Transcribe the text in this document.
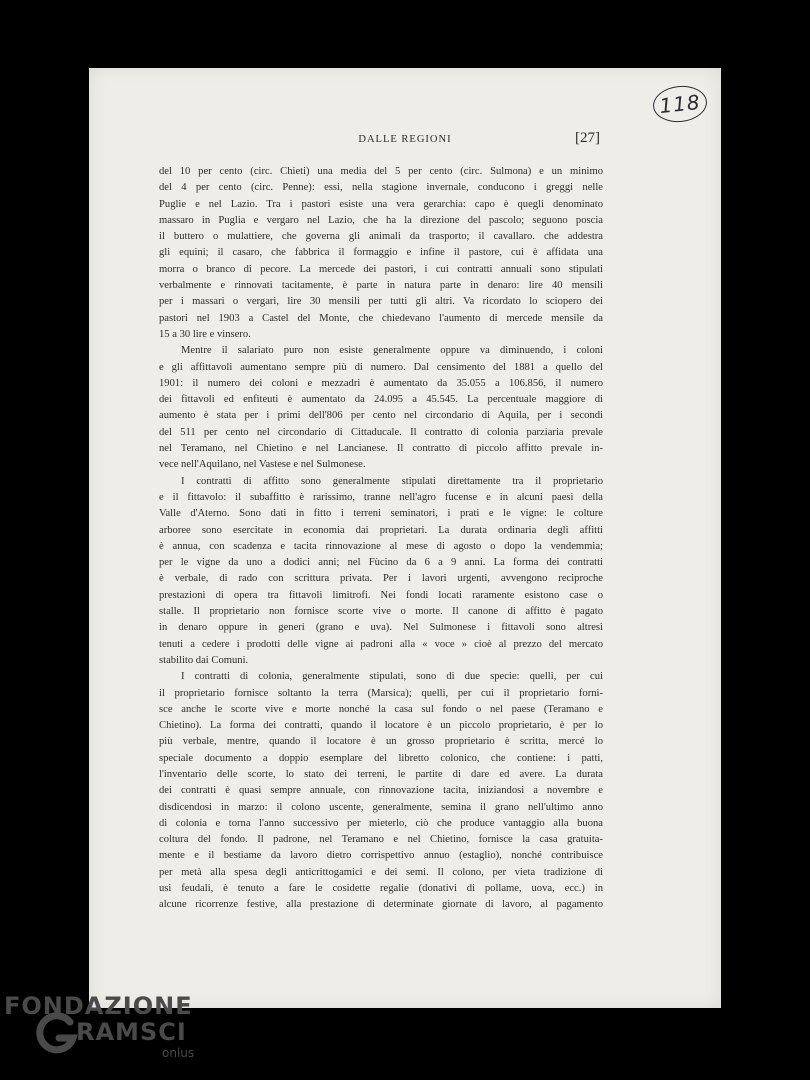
118
DALLE REGIONI	[27]
del 10 per cento (circ. Chieti) una media del 5 per cento (circ. Sulmona) e un minimo
del 4 per cento (circ. Penne): essi, nella stagione invernale, conducono i greggi nelle
Puglie e nel Lazio. Tra i pastori esiste una vera gerarchia: capo è quegli denominato
massaro in Puglia e vergaro nel Lazio, che ha la direzione del pascolo; seguono poscia
il buttero o mulattiere, che governa gli animali da trasporto; il cavallaro. che addestra
gli equini; il casaro, che fabbrica il formaggio e infine il pastore, cui è affidata una
morra o branco di pecore. La mercede dei pastori, i cui contratti annuali sono stipulati
verbalmente e rinnovati tacitamente, è parte in natura parte in denaro: lire 40 mensili
per i massari o vergari, lire 30 mensili per tutti gli altri. Va ricordato lo sciopero dei
pastori nel 1903 a Castel del Monte, che chiedevano l'aumento di mercede mensile da
15 a 30 lire e vinsero.
Mentre il salariato puro non esiste generalmente oppure va diminuendo, i coloni
e gli affittavoli aumentano sempre più di numero. Dal censimento del 1881 a quello del
1901: il numero dei coloni e mezzadri è aumentato da 35.055 a 106.856, il numero
dei fittavoli ed enfiteuti è aumentato da 24.095 a 45.545. La percentuale maggiore di
aumento è stata per i primi dell'806 per cento nel circondario di Aquila, per i secondi
del 511 per cento nel circondario di Cittaducale. Il contratto di colonia parziaria prevale
nel Teramano, nel Chietino e nel Lancianese. Il contratto di piccolo affitto prevale in-
vece nell'Aquilano, nel Vastese e nel Sulmonese.
I contratti di affitto sono generalmente stipulati direttamente tra il proprietario
e il fittavolo: il subaffitto è rarissimo, tranne nell'agro fucense e in alcuni paesi della
Valle d'Aterno. Sono dati in fitto i terreni seminatori, i prati e le vigne: le colture
arboree sono esercitate in economia dai proprietari. La durata ordinaria degli affitti
è annua, con scadenza e tacita rinnovazione al mese di agosto o dopo la vendemmia;
per le vigne da uno a dodici anni; nel Fùcino da 6 a 9 anni. La forma dei contratti
è verbale, di rado con scrittura privata. Per i lavori urgenti, avvengono reciproche
prestazioni di opera tra fittavoli limitrofi. Nei fondi locati raramente esistono case o
stalle. Il proprietario non fornisce scorte vive o morte. Il canone di affitto è pagato
in denaro oppure in generi (grano e uva). Nel Sulmonese i fittavoli sono altresì
tenuti a cedere i prodotti delle vigne ai padroni alla « voce » cioè al prezzo del mercato
stabilito dai Comuni.
I contratti di colonia, generalmente stipulati, sono di due specie: quelli, per cui
il proprietario fornisce soltanto la terra (Marsica); quelli, per cui il proprietario forni-
sce anche le scorte vive e morte nonché la casa sul fondo o nel paese (Teramano e
Chietino). La forma dei contratti, quando il locatore è un piccolo proprietario, è per lo
più verbale, mentre, quando il locatore è un grosso proprietario è scritta, mercé lo
speciale documento a doppio esemplare del libretto colonico, che contiene: i patti,
l'inventario delle scorte, lo stato dei terreni, le partite di dare ed avere. La durata
dei contratti è quasi sempre annuale, con rinnovazione tacita, iniziandosi a novembre e
disdicendosi in marzo: il colono uscente, generalmente, semina il grano nell'ultimo anno
di colonia e torna l'anno successivo per mieterlo, ciò che produce vantaggio alla buona
coltura del fondo. Il padrone, nel Teramano e nel Chietino, fornisce la casa gratuita-
mente e il bestiame da lavoro dietro corrispettivo annuo (estaglio), nonché contribuisce
per metà alla spesa degli anticrittogamici e dei semi. Il colono, per vieta tradizione di
usi feudali, è tenuto a fare le cosidette regalie (donativi di pollame, uova, ecc.) in
alcune ricorrenze festive, alla prestazione di determinate giornate di lavoro, al pagamento
FONDAZIONE
RAMSCI
onlus
